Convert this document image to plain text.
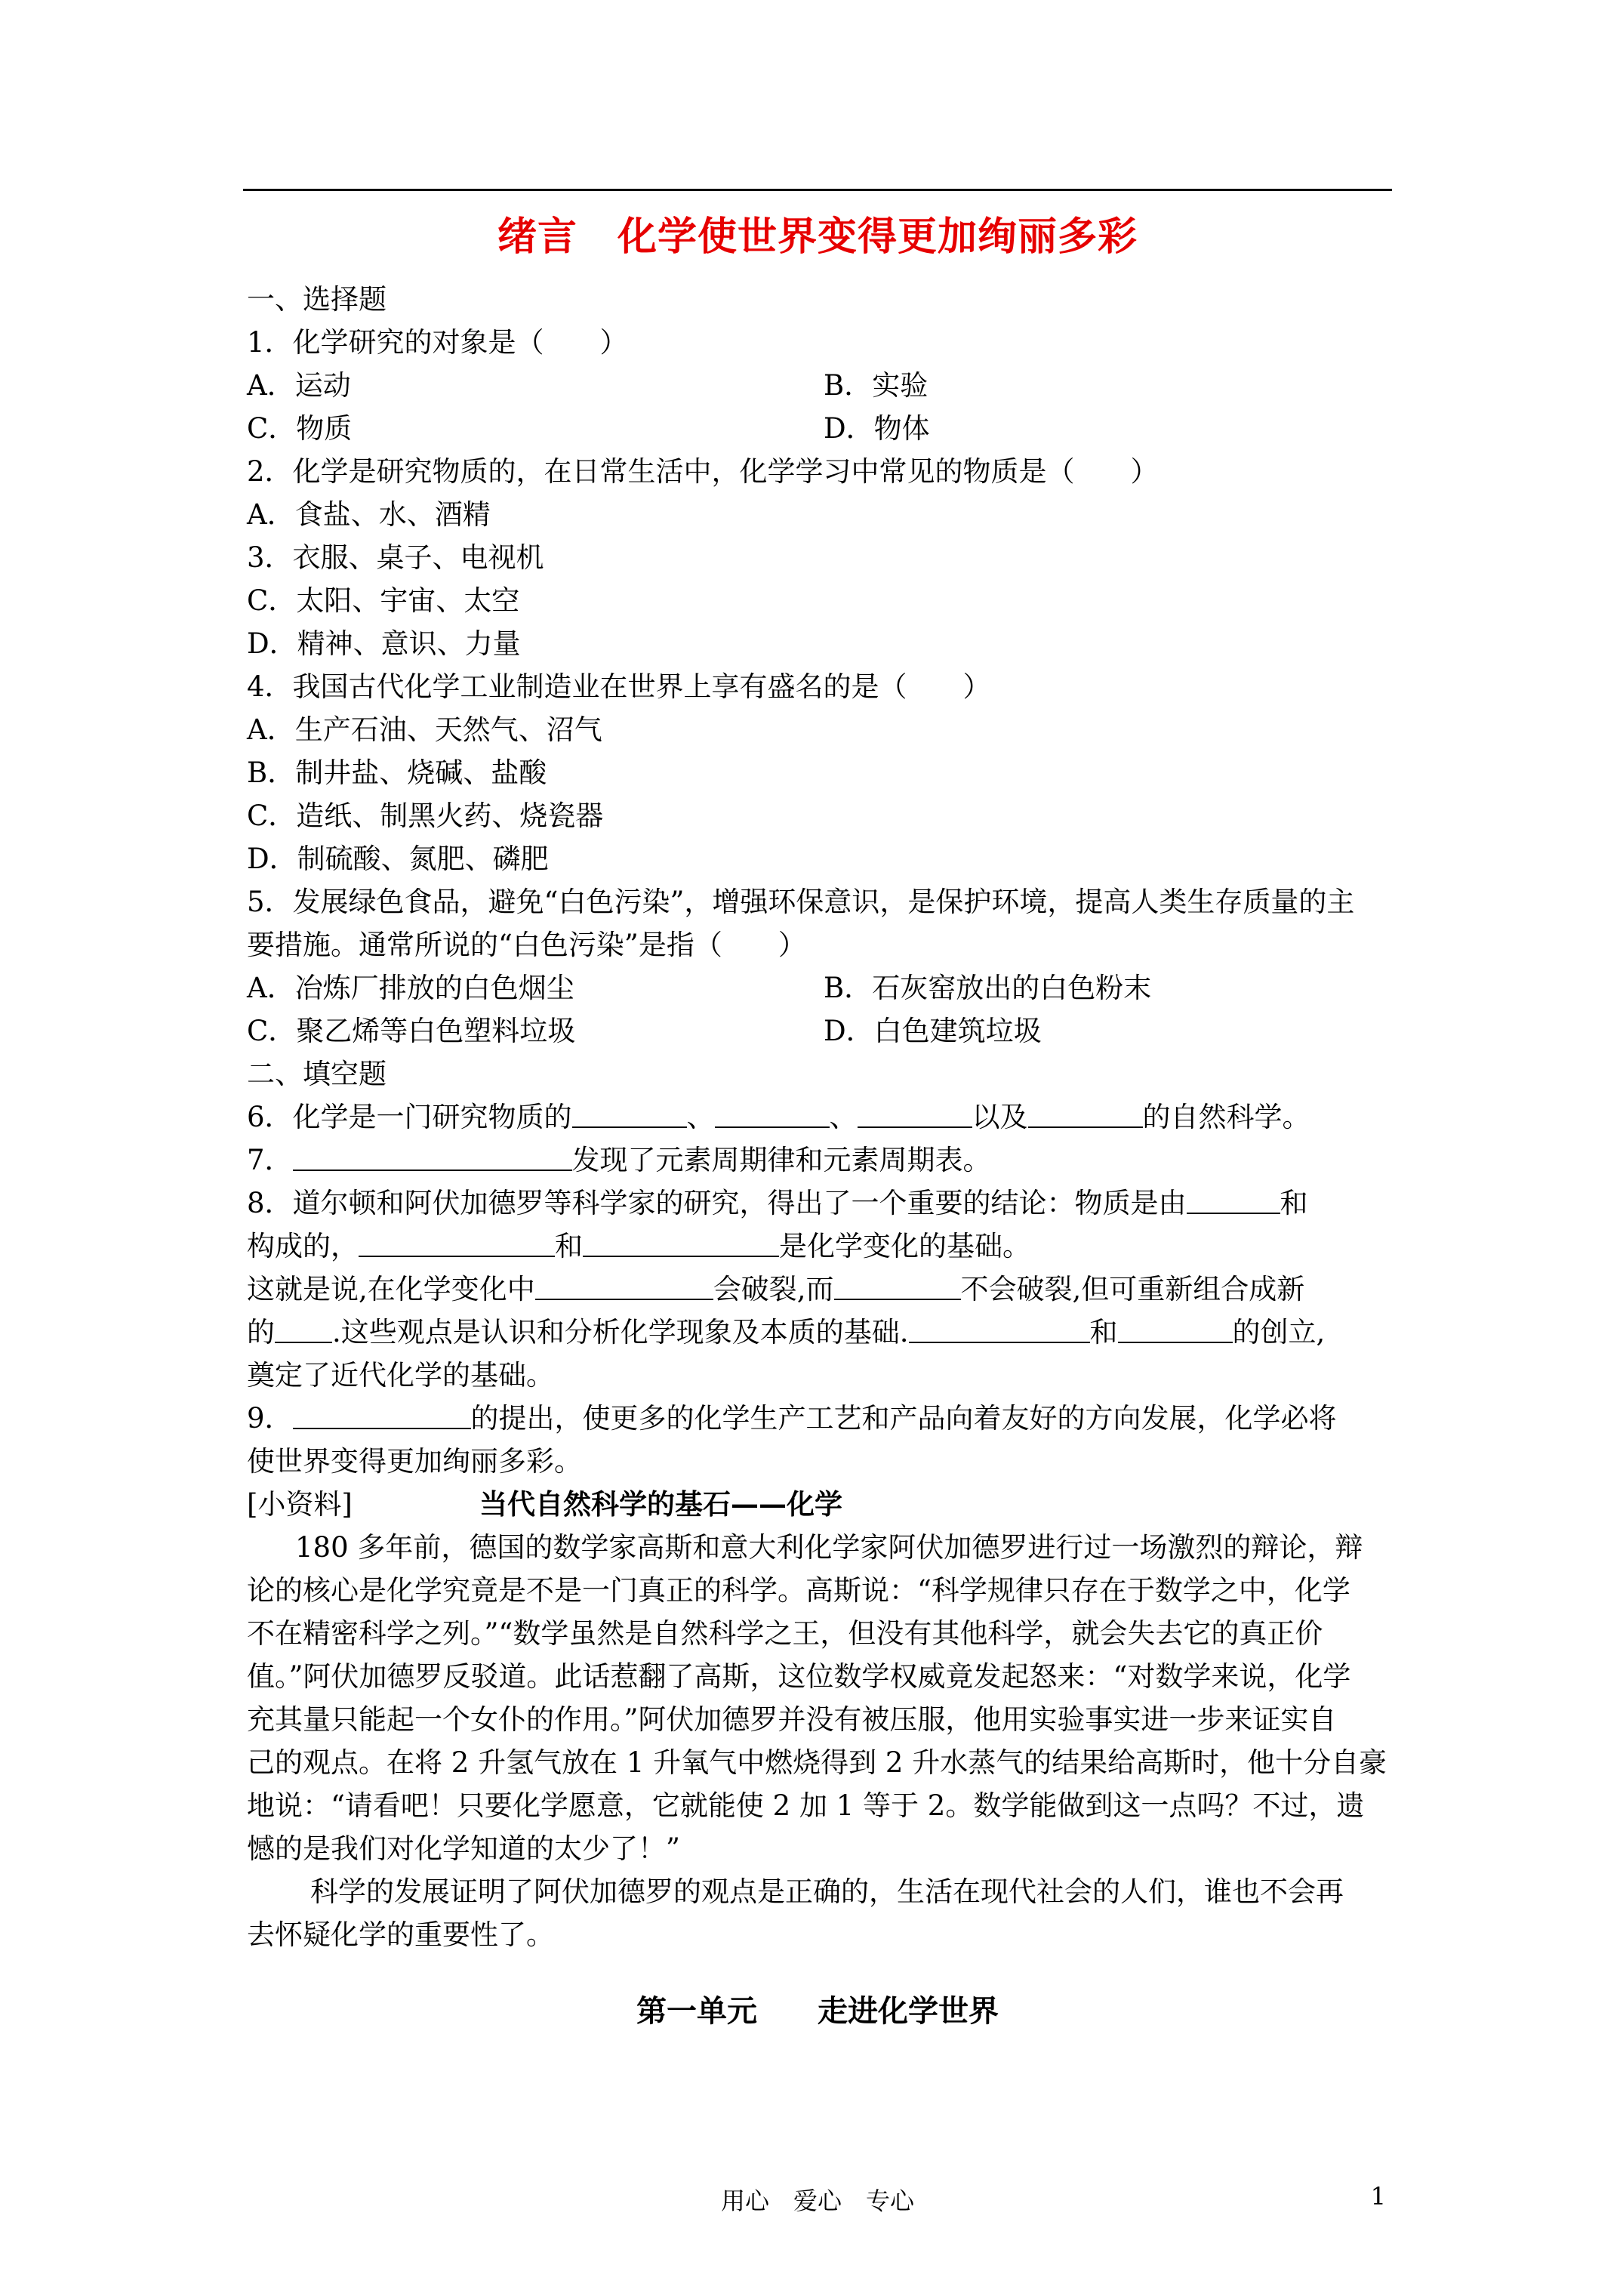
绪言　化学使世界变得更加绚丽多彩
一、选择题
1．化学研究的对象是（　　）
A．运动	B．实验
C．物质	D．物体
2．化学是研究物质的，在日常生活中，化学学习中常见的物质是（　　）
A．食盐、水、酒精
3．衣服、桌子、电视机
C．太阳、宇宙、太空
D．精神、意识、力量
4．我国古代化学工业制造业在世界上享有盛名的是（　　）
A．生产石油、天然气、沼气
B．制井盐、烧碱、盐酸
C．造纸、制黑火药、烧瓷器
D．制硫酸、氮肥、磷肥
5．发展绿色食品，避免“白色污染”，增强环保意识，是保护环境，提高人类生存质量的主
要措施。通常所说的“白色污染”是指（　　）
A．冶炼厂排放的白色烟尘	B．石灰窑放出的白色粉末
C．聚乙烯等白色塑料垃圾	D．白色建筑垃圾
二、填空题
6．化学是一门研究物质的	、	、	以及	的自然科学。
7．	发现了元素周期律和元素周期表。
8．道尔顿和阿伏加德罗等科学家的研究，得出了一个重要的结论：物质是由	和
构成的，	和	是化学变化的基础。
这就是说,在化学变化中	会破裂,而	不会破裂,但可重新组合成新
的 .这些观点是认识和分析化学现象及本质的基础.	和	的创立,
奠定了近代化学的基础。
9．	的提出，使更多的化学生产工艺和产品向着友好的方向发展，化学必将
使世界变得更加绚丽多彩。
[小资料]	当代自然科学的基石——化学
180 多年前，德国的数学家高斯和意大利化学家阿伏加德罗进行过一场激烈的辩论，辩
论的核心是化学究竟是不是一门真正的科学。高斯说：“科学规律只存在于数学之中，化学
不在精密科学之列。”“数学虽然是自然科学之王，但没有其他科学，就会失去它的真正价
值。”阿伏加德罗反驳道。此话惹翻了高斯，这位数学权威竟发起怒来：“对数学来说，化学
充其量只能起一个女仆的作用。”阿伏加德罗并没有被压服，他用实验事实进一步来证实自
己的观点。在将 2 升氢气放在 1 升氧气中燃烧得到 2 升水蒸气的结果给高斯时，他十分自豪
地说：“请看吧！只要化学愿意，它就能使 2 加 1 等于 2。数学能做到这一点吗？不过，遗
憾的是我们对化学知道的太少了！”
科学的发展证明了阿伏加德罗的观点是正确的，生活在现代社会的人们，谁也不会再
去怀疑化学的重要性了。
第一单元　　走进化学世界
用心　爱心　专心	1
